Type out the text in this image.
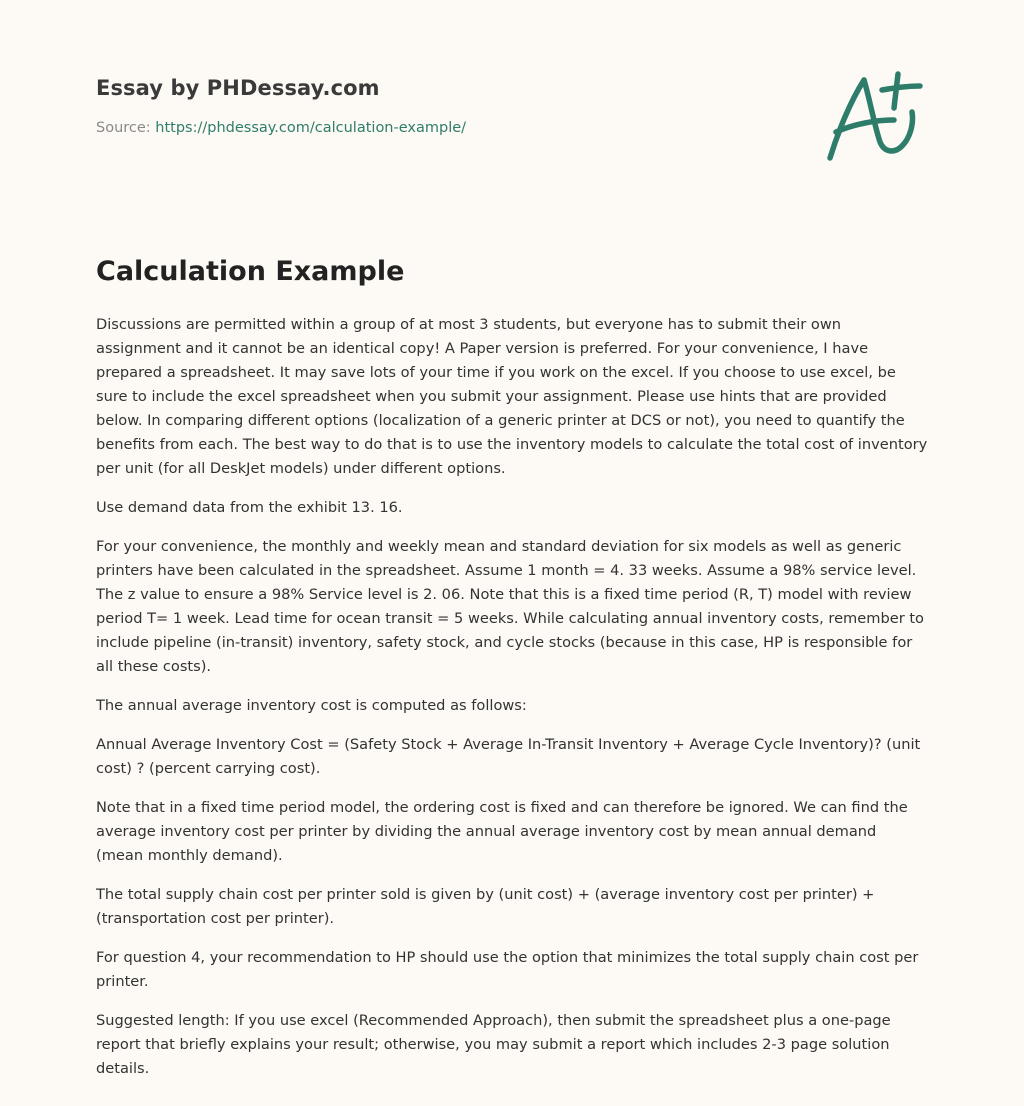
Essay by PHDessay.com
Source: https://phdessay.com/calculation-example/
Calculation Example

Discussions are permitted within a group of at most 3 students, but everyone has to submit their own assignment and it cannot be an identical copy! A Paper version is preferred. For your convenience, I have prepared a spreadsheet. It may save lots of your time if you work on the excel. If you choose to use excel, be sure to include the excel spreadsheet when you submit your assignment. Please use hints that are provided below. In comparing different options (localization of a generic printer at DCS or not), you need to quantify the benefits from each. The best way to do that is to use the inventory models to calculate the total cost of inventory per unit (for all DeskJet models) under different options.

Use demand data from the exhibit 13. 16.

For your convenience, the monthly and weekly mean and standard deviation for six models as well as generic printers have been calculated in the spreadsheet. Assume 1 month = 4. 33 weeks. Assume a 98% service level. The z value to ensure a 98% Service level is 2. 06. Note that this is a fixed time period (R, T) model with review period T= 1 week. Lead time for ocean transit = 5 weeks. While calculating annual inventory costs, remember to include pipeline (in-transit) inventory, safety stock, and cycle stocks (because in this case, HP is responsible for all these costs).

The annual average inventory cost is computed as follows:

Annual Average Inventory Cost = (Safety Stock + Average In-Transit Inventory + Average Cycle Inventory)? (unit cost) ? (percent carrying cost).

Note that in a fixed time period model, the ordering cost is fixed and can therefore be ignored. We can find the average inventory cost per printer by dividing the annual average inventory cost by mean annual demand (mean monthly demand).

The total supply chain cost per printer sold is given by (unit cost) + (average inventory cost per printer) + (transportation cost per printer).

For question 4, your recommendation to HP should use the option that minimizes the total supply chain cost per printer.

Suggested length: If you use excel (Recommended Approach), then submit the spreadsheet plus a one-page report that briefly explains your result; otherwise, you may submit a report which includes 2-3 page solution details.
